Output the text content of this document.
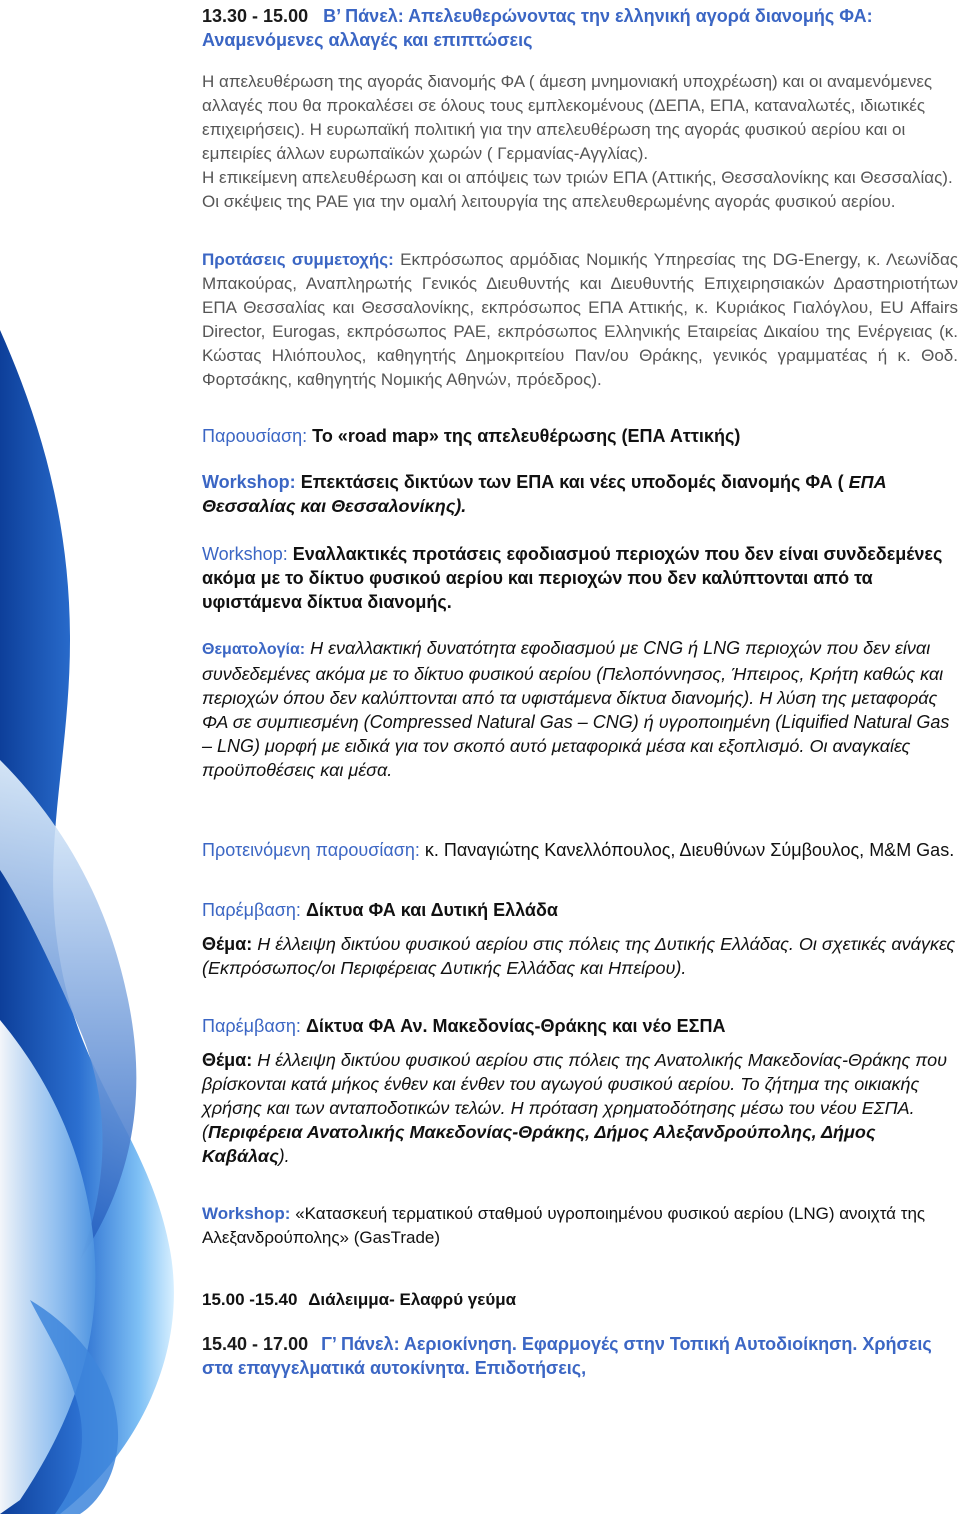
13.30 - 15.00 Β’ Πάνελ: Απελευθερώνοντας την ελληνική αγορά διανομής ΦΑ: Αναμενόμενες αλλαγές και επιπτώσεις

Η απελευθέρωση της αγοράς διανομής ΦΑ ( άμεση μνημονιακή υποχρέωση) και οι αναμενόμενες αλλαγές που θα προκαλέσει σε όλους τους εμπλεκομένους (ΔΕΠΑ, ΕΠΑ, καταναλωτές, ιδιωτικές επιχειρήσεις). Η ευρωπαϊκή πολιτική για την απελευθέρωση της αγοράς φυσικού αερίου και οι εμπειρίες άλλων ευρωπαϊκών χωρών ( Γερμανίας-Αγγλίας).

Η επικείμενη απελευθέρωση και οι απόψεις των τριών ΕΠΑ (Αττικής, Θεσσαλονίκης και Θεσσαλίας). Οι σκέψεις της ΡΑΕ για την ομαλή λειτουργία της απελευθερωμένης αγοράς φυσικού αερίου.

Προτάσεις συμμετοχής: Εκπρόσωπος αρμόδιας Νομικής Υπηρεσίας της DG-Energy, κ. Λεωνίδας Μπακούρας, Αναπληρωτής Γενικός Διευθυντής και Διευθυντής Επιχειρησιακών Δραστηριοτήτων ΕΠΑ Θεσσαλίας και Θεσσαλονίκης, εκπρόσωπος ΕΠΑ Αττικής, κ. Κυριάκος Γιαλόγλου, EU Affairs Director, Eurogas, εκπρόσωπος ΡΑΕ, εκπρόσωπος Ελληνικής Εταιρείας Δικαίου της Ενέργειας (κ. Κώστας Ηλιόπουλος, καθηγητής Δημοκριτείου Παν/ου Θράκης, γενικός γραμματέας ή κ. Θοδ. Φορτσάκης, καθηγητής Νομικής Αθηνών, πρόεδρος).

Παρουσίαση: Το «road map» της απελευθέρωσης (ΕΠΑ Αττικής)

Workshop: Επεκτάσεις δικτύων των ΕΠΑ και νέες υποδομές διανομής ΦΑ ( ΕΠΑ Θεσσαλίας και Θεσσαλονίκης).

Workshop: Εναλλακτικές προτάσεις εφοδιασμού περιοχών που δεν είναι συνδεδεμένες ακόμα με το δίκτυο φυσικού αερίου και περιοχών που δεν καλύπτονται από τα υφιστάμενα δίκτυα διανομής.

Θεματολογία: Η εναλλακτική δυνατότητα εφοδιασμού με CNG ή LNG περιοχών που δεν είναι συνδεδεμένες ακόμα με το δίκτυο φυσικού αερίου (Πελοπόννησος, Ήπειρος, Κρήτη καθώς και περιοχών όπου δεν καλύπτονται από τα υφιστάμενα δίκτυα διανομής). Η λύση της μεταφοράς ΦΑ σε συμπιεσμένη (Compressed Natural Gas – CNG) ή υγροποιημένη (Liquified Natural Gas – LNG) μορφή με ειδικά για τον σκοπό αυτό μεταφορικά μέσα και εξοπλισμό. Οι αναγκαίες προϋποθέσεις και μέσα.

Προτεινόμενη παρουσίαση: κ. Παναγιώτης Κανελλόπουλος, Διευθύνων Σύμβουλος, M&M Gas.

Παρέμβαση: Δίκτυα ΦΑ και Δυτική Ελλάδα

Θέμα: Η έλλειψη δικτύου φυσικού αερίου στις πόλεις της Δυτικής Ελλάδας. Οι σχετικές ανάγκες (Εκπρόσωπος/οι Περιφέρειας Δυτικής Ελλάδας και Ηπείρου).

Παρέμβαση: Δίκτυα ΦΑ Αν. Μακεδονίας-Θράκης και νέο ΕΣΠΑ

Θέμα: Η έλλειψη δικτύου φυσικού αερίου στις πόλεις της Ανατολικής Μακεδονίας-Θράκης που βρίσκονται κατά μήκος ένθεν και ένθεν του αγωγού φυσικού αερίου. Το ζήτημα της οικιακής χρήσης και των ανταποδοτικών τελών. Η πρόταση χρηματοδότησης μέσω του νέου ΕΣΠΑ. (Περιφέρεια Ανατολικής Μακεδονίας-Θράκης, Δήμος Αλεξανδρούπολης, Δήμος Καβάλας).

Workshop: «Κατασκευή τερματικού σταθμού υγροποιημένου φυσικού αερίου (LNG) ανοιχτά της Αλεξανδρούπολης» (GasTrade)

15.00 -15.40 Διάλειμμα- Ελαφρύ γεύμα

15.40 - 17.00 Γ’ Πάνελ: Αεριοκίνηση. Εφαρμογές στην Τοπική Αυτοδιοίκηση. Χρήσεις στα επαγγελματικά αυτοκίνητα. Επιδοτήσεις,
